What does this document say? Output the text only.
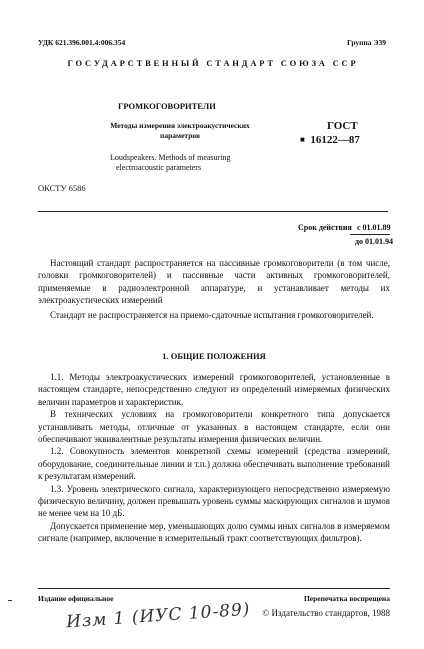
УДК 621.396.001.4:006.354	Группа Э39
ГОСУДАРСТВЕННЫЙ СТАНДАРТ СОЮЗА ССР
ГРОМКОГОВОРИТЕЛИ
Методы измерения электроакустических
параметров
ГОСТ
■ 16122—87
Loudspeakers. Methods of measuring
electroacoustic parameters
ОКСТУ 6586
Срок действия с 01.01.89
до 01.01.94

Настоящий стандарт распространяется на пассивные громкоговорители (в том числе, головки громкоговорителей) и пассивные части активных громкоговорителей, применяемые в радиоэлектронной аппаратуре, и устанавливает методы их электроакустических измерений

Стандарт не распространяется на приемо-сдаточные испытания громкоговорителей.

1. ОБЩИЕ ПОЛОЖЕНИЯ

1.1. Методы электроакустических измерений громкоговорителей, установленные в настоящем стандарте, непосредственно следуют из определений измеряемых физических величин параметров и характеристик.

В технических условиях на громкоговорители конкретного типа допускается устанавливать методы, отличные от указанных в настоящем стандарте, если они обеспечивают эквивалентные результаты измерения физических величин.

1.2. Совокупность элементов конкретной схемы измерений (средства измерений, оборудование, соединительные линии и т.п.) должна обеспечивать выполнение требований к результатам измерений.

1.3. Уровень электрического сигнала, характеризующего непосредственно измеряемую физическую величину, должен превышать уровень суммы маскирующих сигналов и шумов не менее чем на 10 дБ.

Допускается применение мер, уменьшающих долю суммы иных сигналов в измеряемом сигнале (например, включение в измерительный тракт соответствующих фильтров).

Издание официальное	Перепечатка воспрещена
© Издательство стандартов, 1988
Изм 1 (ИУС 10-89)
